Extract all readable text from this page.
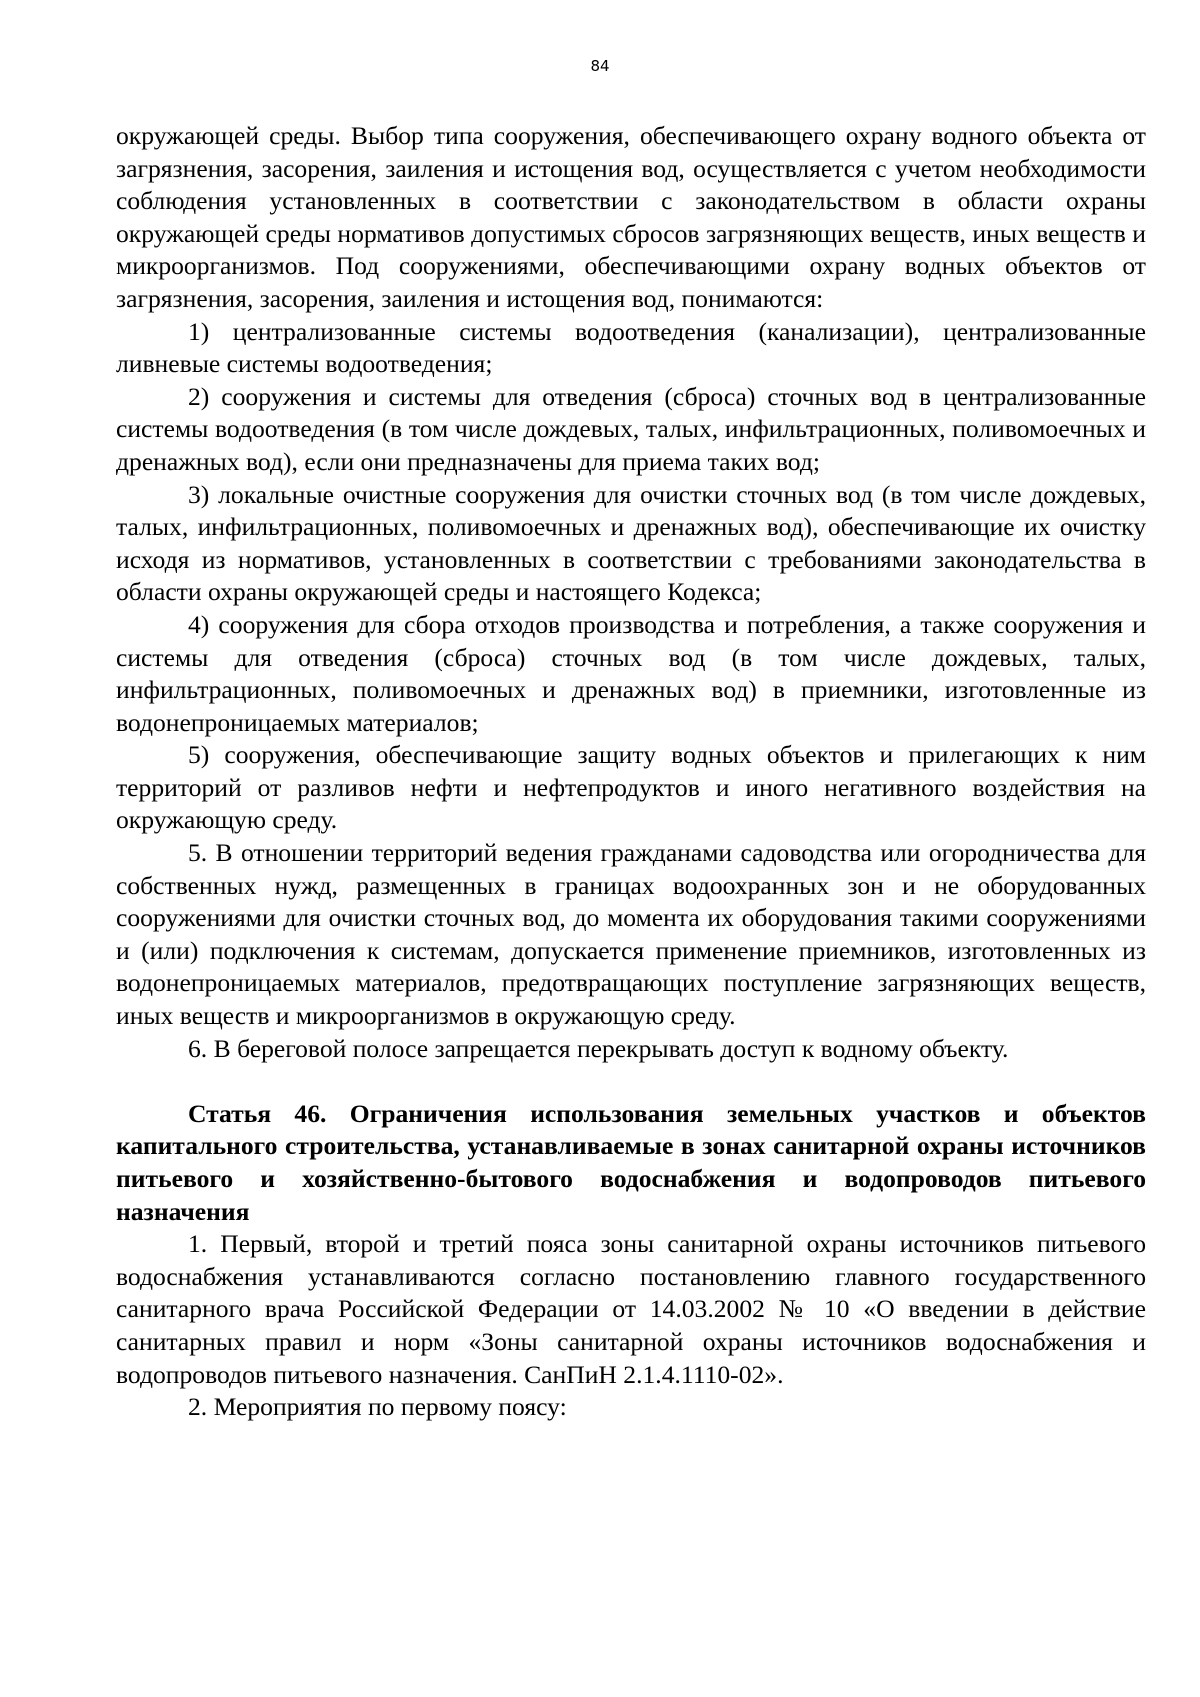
84

окружающей среды. Выбор типа сооружения, обеспечивающего охрану водного объекта от загрязнения, засорения, заиления и истощения вод, осуществляется с учетом необходимости соблюдения установленных в соответствии с законодательством в области охраны окружающей среды нормативов допустимых сбросов загрязняющих веществ, иных веществ и микроорганизмов. Под сооружениями, обеспечивающими охрану водных объектов от загрязнения, засорения, заиления и истощения вод, понимаются:

1) централизованные системы водоотведения (канализации), централизованные ливневые системы водоотведения;

2) сооружения и системы для отведения (сброса) сточных вод в централизованные системы водоотведения (в том числе дождевых, талых, инфильтрационных, поливомоечных и дренажных вод), если они предназначены для приема таких вод;

3) локальные очистные сооружения для очистки сточных вод (в том числе дождевых, талых, инфильтрационных, поливомоечных и дренажных вод), обеспечивающие их очистку исходя из нормативов, установленных в соответствии с требованиями законодательства в области охраны окружающей среды и настоящего Кодекса;

4) сооружения для сбора отходов производства и потребления, а также сооружения и системы для отведения (сброса) сточных вод (в том числе дождевых, талых, инфильтрационных, поливомоечных и дренажных вод) в приемники, изготовленные из водонепроницаемых материалов;

5) сооружения, обеспечивающие защиту водных объектов и прилегающих к ним территорий от разливов нефти и нефтепродуктов и иного негативного воздействия на окружающую среду.

5. В отношении территорий ведения гражданами садоводства или огородничества для собственных нужд, размещенных в границах водоохранных зон и не оборудованных сооружениями для очистки сточных вод, до момента их оборудования такими сооружениями и (или) подключения к системам, допускается применение приемников, изготовленных из водонепроницаемых материалов, предотвращающих поступление загрязняющих веществ, иных веществ и микроорганизмов в окружающую среду.

6. В береговой полосе запрещается перекрывать доступ к водному объекту.

Статья 46. Ограничения использования земельных участков и объектов капитального строительства, устанавливаемые в зонах санитарной охраны источников питьевого и хозяйственно-бытового водоснабжения и водопроводов питьевого назначения

1. Первый, второй и третий пояса зоны санитарной охраны источников питьевого водоснабжения устанавливаются согласно постановлению главного государственного санитарного врача Российской Федерации от 14.03.2002 № 10 «О введении в действие санитарных правил и норм «Зоны санитарной охраны источников водоснабжения и водопроводов питьевого назначения. СанПиН 2.1.4.1110-02».

2. Мероприятия по первому поясу:
